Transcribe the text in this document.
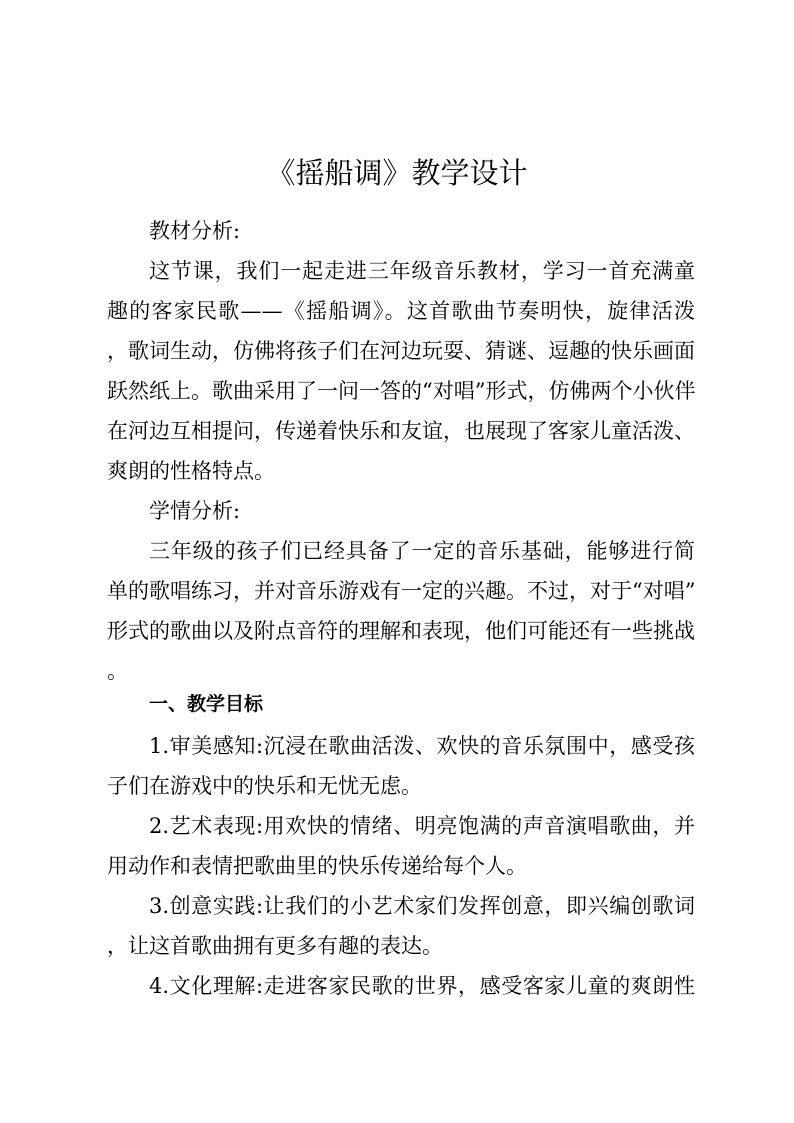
《摇船调》教学设计
教材分析:
这节课，我们一起走进三年级音乐教材，学习一首充满童
趣的客家民歌——《摇船调》。这首歌曲节奏明快，旋律活泼
，歌词生动，仿佛将孩子们在河边玩耍、猜谜、逗趣的快乐画面
跃然纸上。歌曲采用了一问一答的“对唱”形式，仿佛两个小伙伴
在河边互相提问，传递着快乐和友谊，也展现了客家儿童活泼、
爽朗的性格特点。
学情分析:
三年级的孩子们已经具备了一定的音乐基础，能够进行简
单的歌唱练习，并对音乐游戏有一定的兴趣。不过，对于“对唱”
形式的歌曲以及附点音符的理解和表现，他们可能还有一些挑战
。
一、教学目标
1.审美感知:沉浸在歌曲活泼、欢快的音乐氛围中，感受孩
子们在游戏中的快乐和无忧无虑。
2.艺术表现:用欢快的情绪、明亮饱满的声音演唱歌曲，并
用动作和表情把歌曲里的快乐传递给每个人。
3.创意实践:让我们的小艺术家们发挥创意，即兴编创歌词
，让这首歌曲拥有更多有趣的表达。
4.文化理解:走进客家民歌的世界，感受客家儿童的爽朗性
